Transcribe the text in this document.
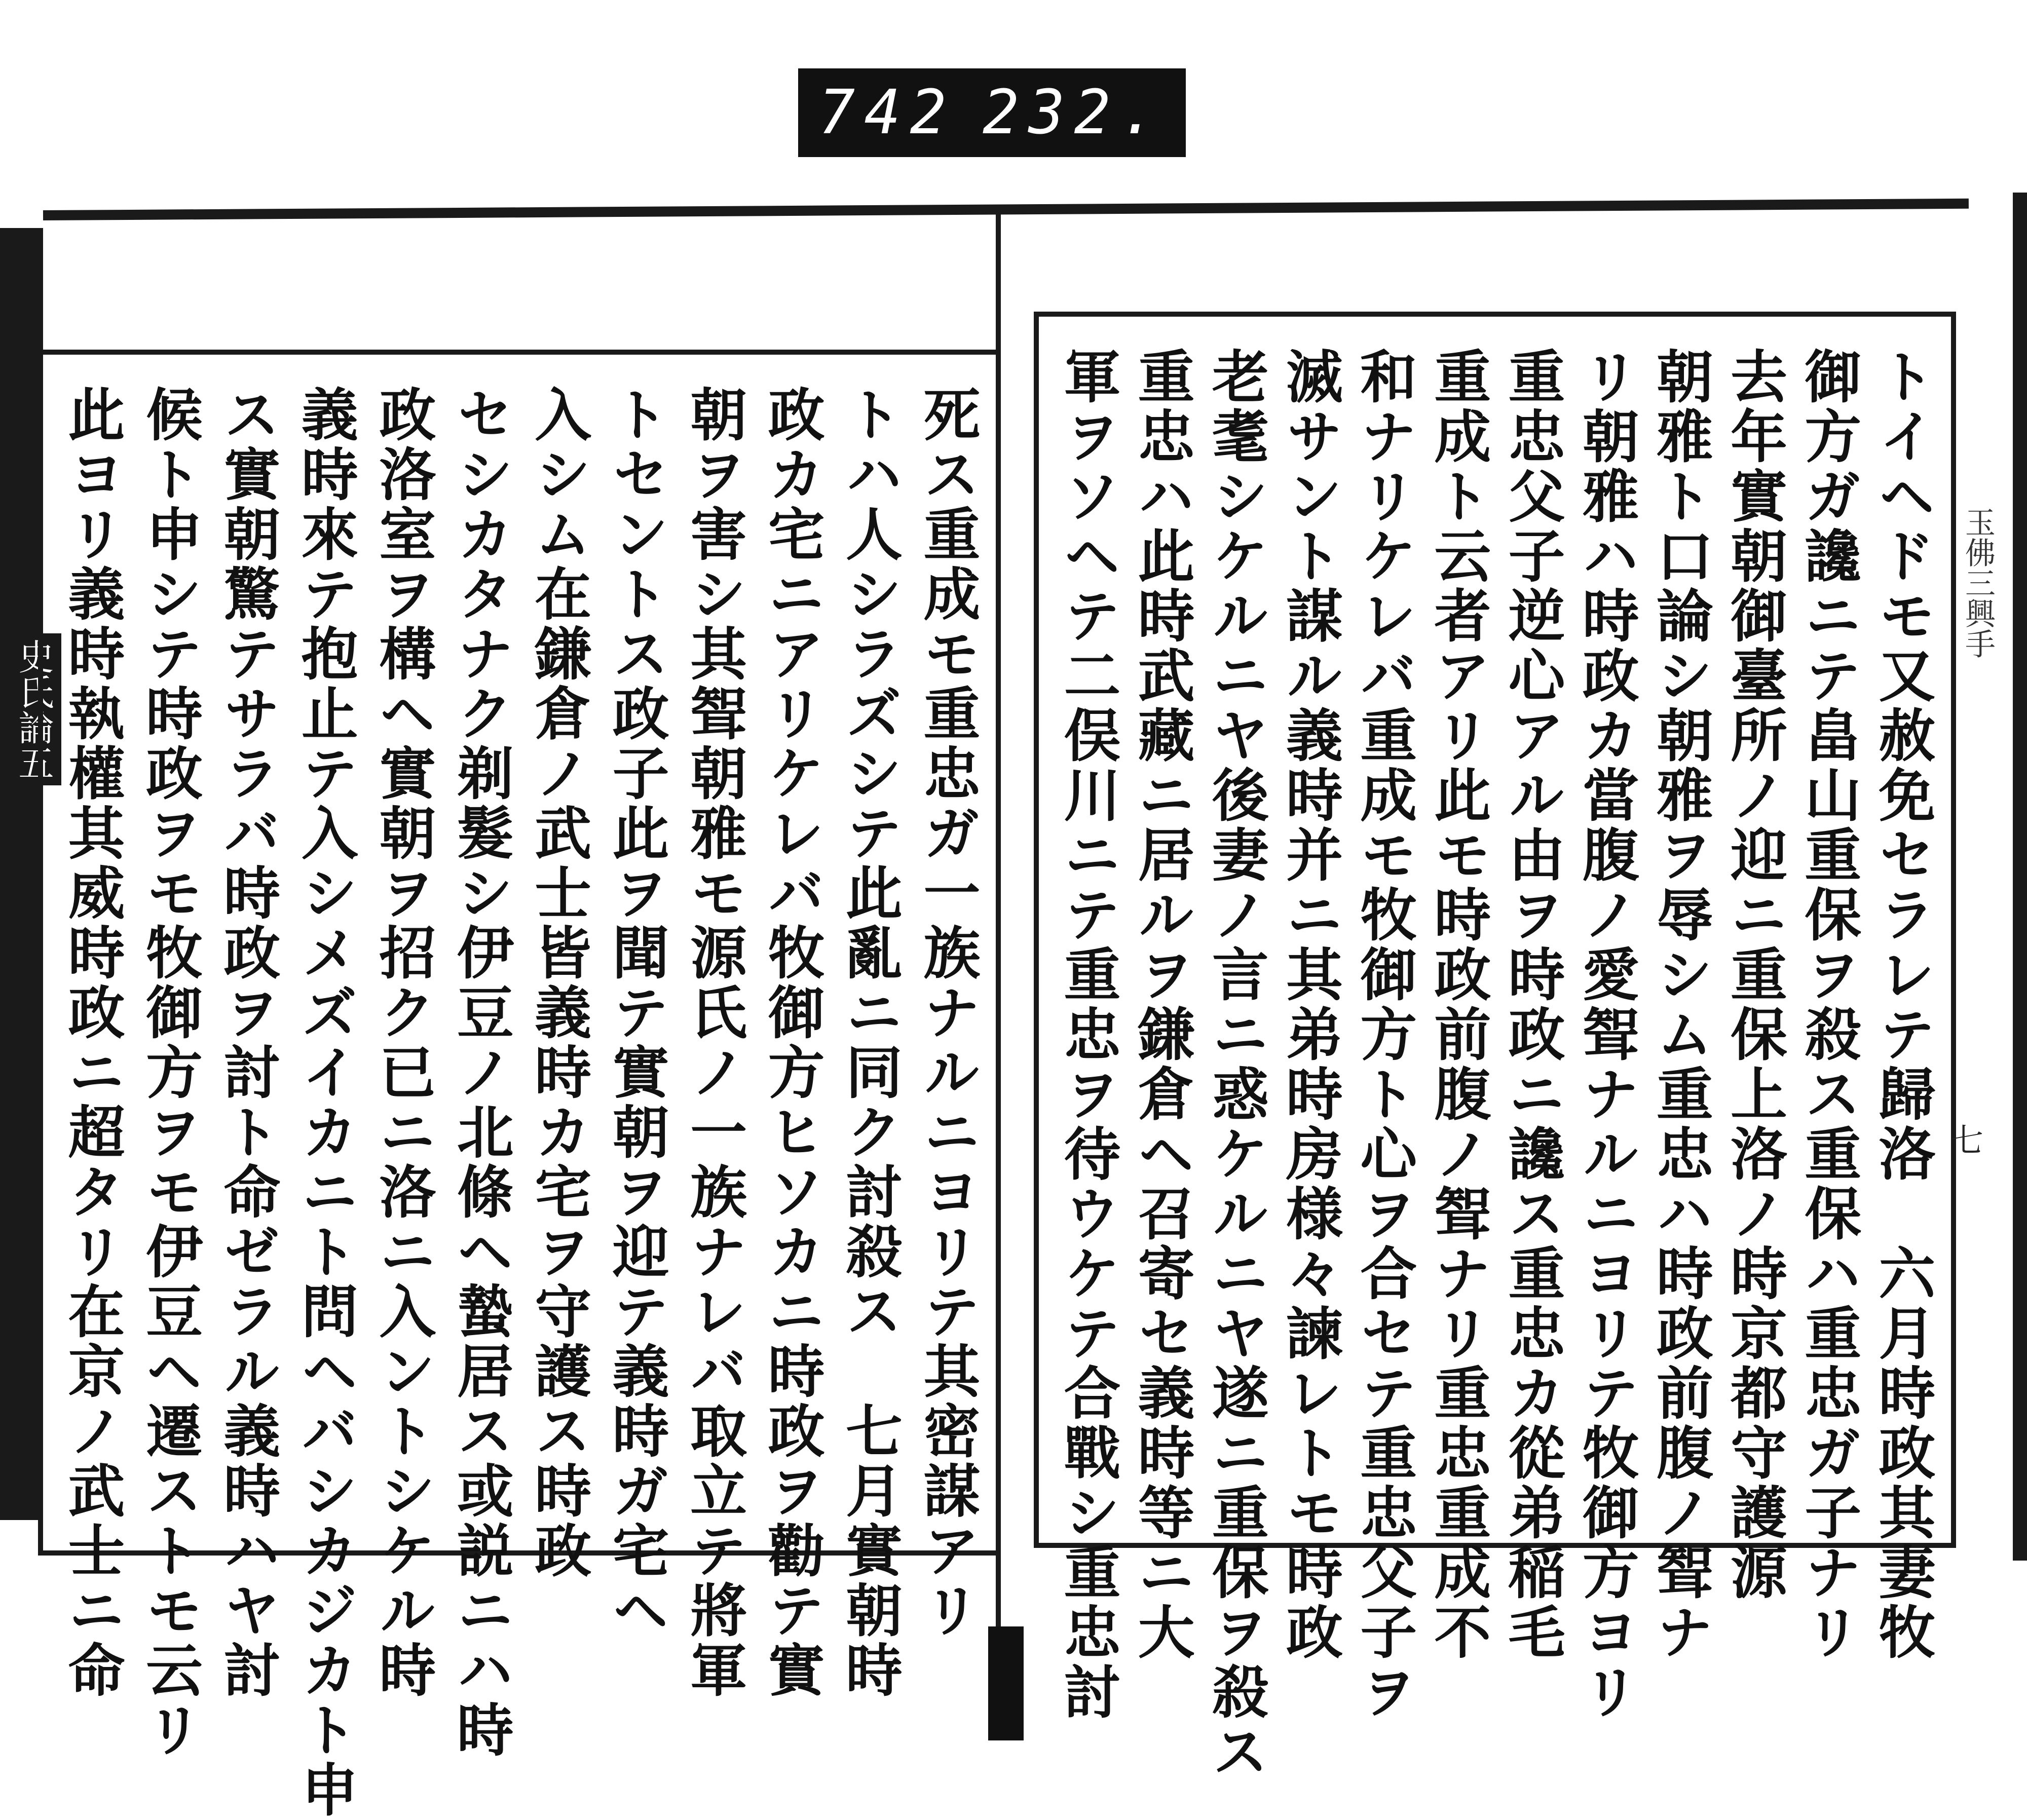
742 232.
史氏論五	死ス重成モ重忠ガ一族ナルニヨリテ其密謀アリ
トハ人シラズシテ此亂ニ同ク討殺ス　七月實朝時
政カ宅ニアリケレバ牧御方ヒソカニ時政ヲ勸テ實
朝ヲ害シ其聟朝雅モ源氏ノ一族ナレバ取立テ將軍
トセントス政子此ヲ聞テ實朝ヲ迎テ義時ガ宅ヘ
入シム在鎌倉ノ武士皆義時カ宅ヲ守護ス時政
セシカタナク剃髮シ伊豆ノ北條ヘ蟄居ス或説ニハ時
政洛室ヲ構ヘ實朝ヲ招ク已ニ洛ニ入ントシケル時
義時來テ抱止テ入シメズイカニト問ヘバシカジカト申
ス實朝驚テサラバ時政ヲ討ト命ゼラル義時ハヤ討
候ト申シテ時政ヲモ牧御方ヲモ伊豆ヘ遷ストモ云リ
此ヨリ義時執權其威時政ニ超タリ在京ノ武士ニ命	トイヘドモ又赦免セラレテ歸洛　六月時政其妻牧
御方ガ讒ニテ畠山重保ヲ殺ス重保ハ重忠ガ子ナリ
去年實朝御臺所ノ迎ニ重保上洛ノ時京都守護源
朝雅ト口論シ朝雅ヲ辱シム重忠ハ時政前腹ノ聟ナ
リ朝雅ハ時政カ當腹ノ愛聟ナルニヨリテ牧御方ヨリ
重忠父子逆心アル由ヲ時政ニ讒ス重忠カ從弟稲毛
重成ト云者アリ此モ時政前腹ノ聟ナリ重忠重成不
和ナリケレバ重成モ牧御方ト心ヲ合セテ重忠父子ヲ
滅サント謀ル義時并ニ其弟時房様々諫レトモ時政
老耄シケルニヤ後妻ノ言ニ惑ケルニヤ遂ニ重保ヲ殺ス
重忠ハ此時武藏ニ居ルヲ鎌倉ヘ召寄セ義時等ニ大
軍ヲソヘテ二俣川ニテ重忠ヲ待ウケテ合戰シ重忠討	玉佛三興手
七
